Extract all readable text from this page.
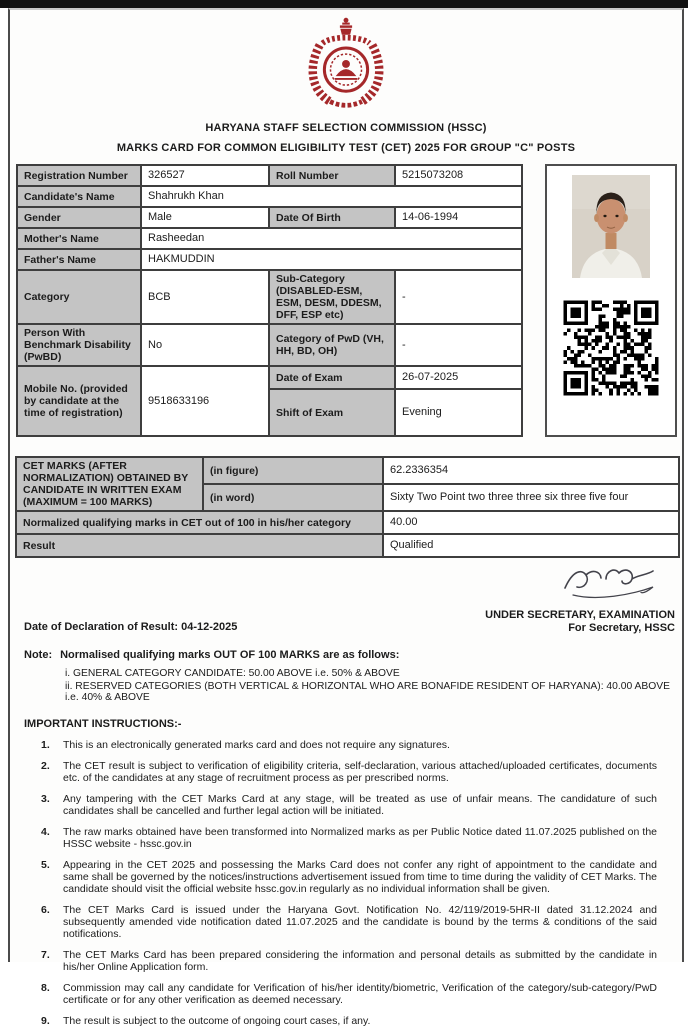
HARYANA STAFF SELECTION COMMISSION (HSSC)
MARKS CARD FOR COMMON ELIGIBILITY TEST (CET) 2025 FOR GROUP "C" POSTS
Registration Number	326527	Roll Number	5215073208
Candidate's Name	Shahrukh Khan		
Gender	Male	Date Of Birth	14-06-1994
Mother's Name	Rasheedan		
Father's Name	HAKMUDDIN		
Category	BCB	Sub-Category (DISABLED-ESM, ESM, DESM, DDESM, DFF, ESP etc)	-
Person With Benchmark Disability (PwBD)	No	Category of PwD (VH, HH, BD, OH)	-
Mobile No. (provided by candidate at the time of registration)	9518633196	Date of Exam	26-07-2025
		Shift of Exam	Evening
CET MARKS (AFTER NORMALIZATION) OBTAINED BY CANDIDATE IN WRITTEN EXAM (MAXIMUM = 100 MARKS)	(in figure)	62.2336354
	(in word)	Sixty Two Point two three three six three five four
Normalized qualifying marks in CET out of 100 in his/her category		40.00
Result		Qualified
Date of Declaration of Result: 04-12-2025
UNDER SECRETARY, EXAMINATION
For Secretary, HSSC
Note: Normalised qualifying marks OUT OF 100 MARKS are as follows:
i. GENERAL CATEGORY CANDIDATE: 50.00 ABOVE i.e. 50% & ABOVE
ii. RESERVED CATEGORIES (BOTH VERTICAL & HORIZONTAL WHO ARE BONAFIDE RESIDENT OF HARYANA): 40.00 ABOVE i.e. 40% & ABOVE
IMPORTANT INSTRUCTIONS:-
1.	This is an electronically generated marks card and does not require any signatures.
2.	The CET result is subject to verification of eligibility criteria, self-declaration, various attached/uploaded certificates, documents etc. of the candidates at any stage of recruitment process as per prescribed norms.
3.	Any tampering with the CET Marks Card at any stage, will be treated as use of unfair means. The candidature of such candidates shall be cancelled and further legal action will be initiated.
4.	The raw marks obtained have been transformed into Normalized marks as per Public Notice dated 11.07.2025 published on the HSSC website - hssc.gov.in
5.	Appearing in the CET 2025 and possessing the Marks Card does not confer any right of appointment to the candidate and same shall be governed by the notices/instructions advertisement issued from time to time during the validity of CET Marks. The candidate should visit the official website hssc.gov.in regularly as no individual information shall be given.
6.	The CET Marks Card is issued under the Haryana Govt. Notification No. 42/119/2019-5HR-II dated 31.12.2024 and subsequently amended vide notification dated 11.07.2025 and the candidate is bound by the terms & conditions of the said notifications.
7.	The CET Marks Card has been prepared considering the information and personal details as submitted by the candidate in his/her Online Application form.
8.	Commission may call any candidate for Verification of his/her identity/biometric, Verification of the category/sub-category/PwD certificate or for any other verification as deemed necessary.
9.	The result is subject to the outcome of ongoing court cases, if any.
